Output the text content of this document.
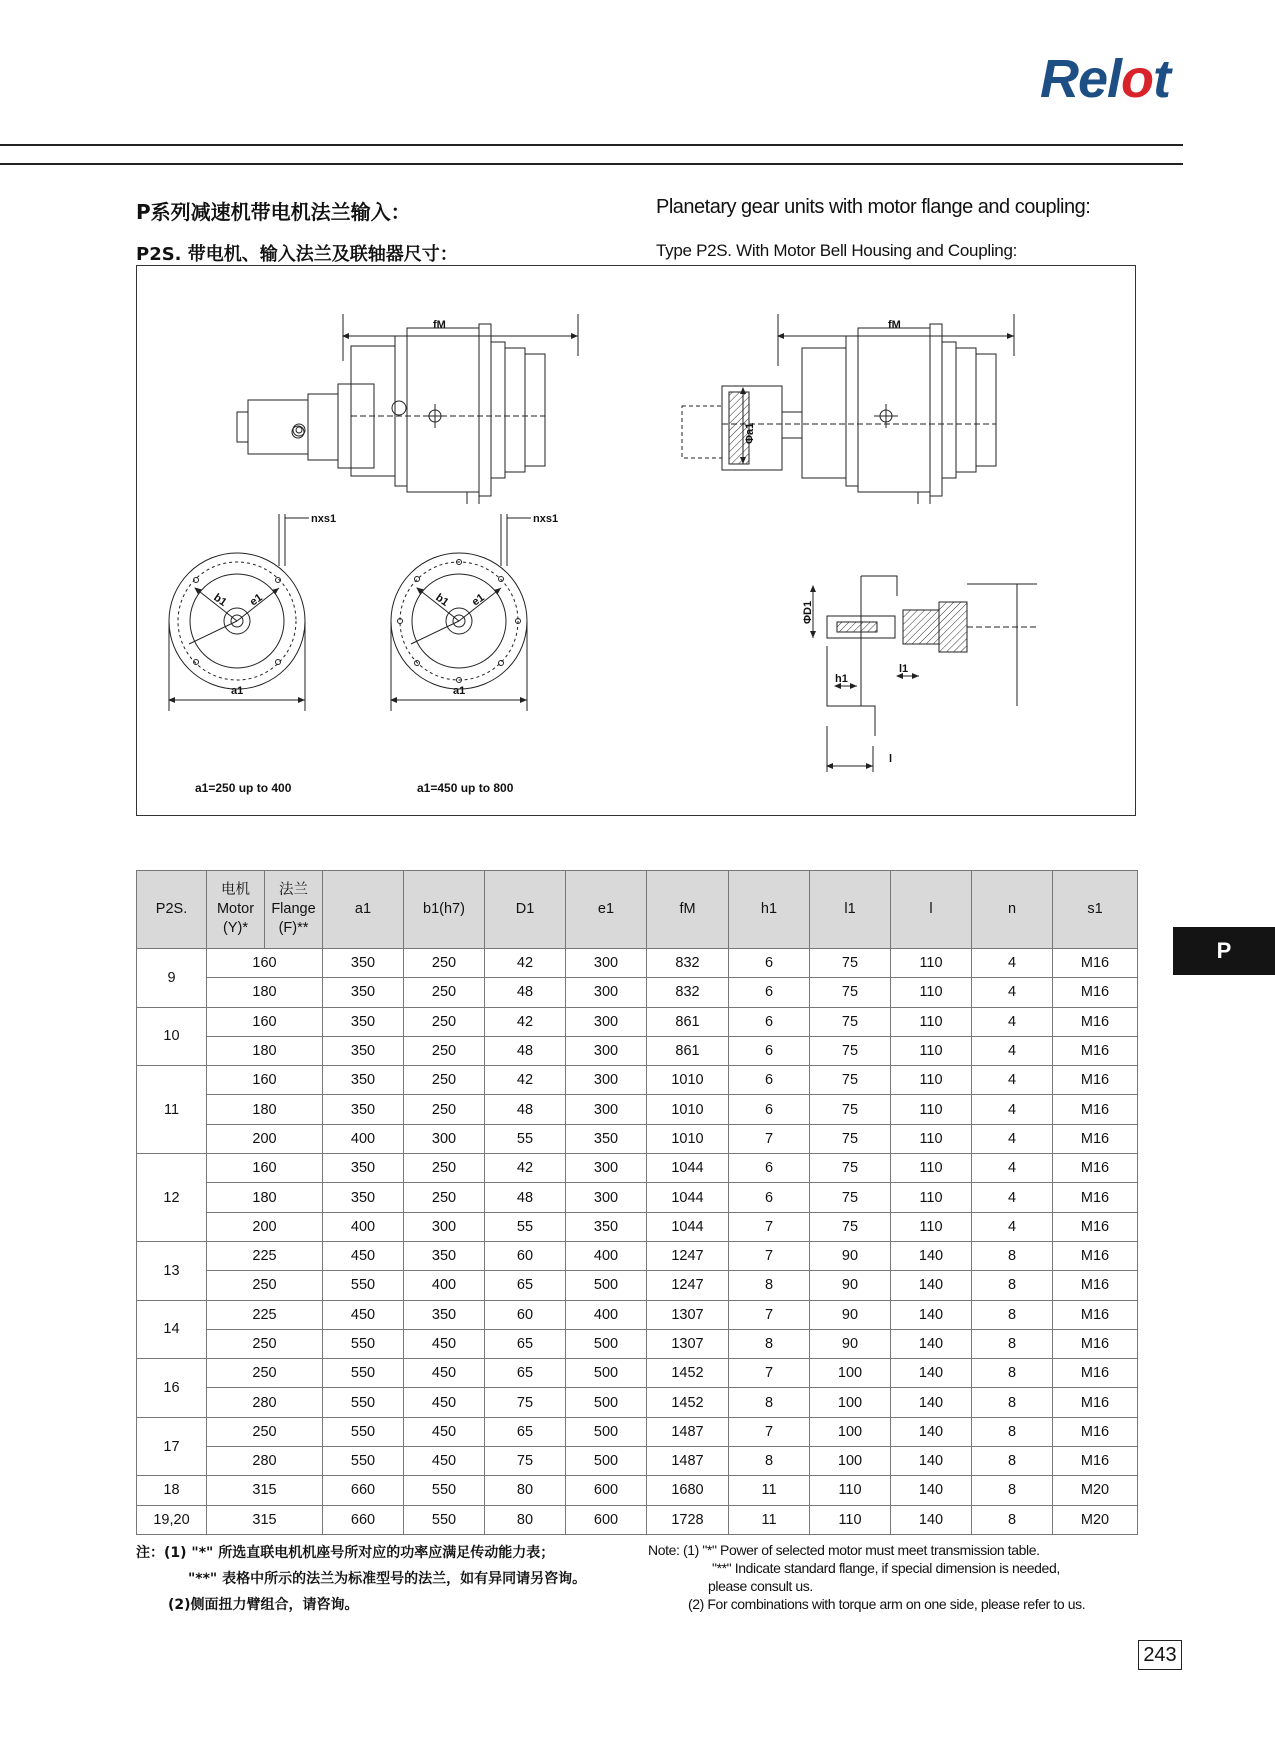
Relot
P系列减速机带电机法兰输入：	Planetary gear units with motor flange and coupling:
P2S. 带电机、输入法兰及联轴器尺寸：	Type P2S. With Motor Bell Housing and Coupling:
fM	fM
nxs1	nxs1
b1 e1	b1 e1
a1	a1
a1=250 up to 400	a1=450 up to 800
Φa1
ΦD1
h1
l1
l
P
P2S.	电机
Motor
(Y)*	法兰
Flange
(F)**	a1	b1(h7)	D1	e1	fM	h1	l1	l	n	s1
9	160		350	250	42	300	832	6	75	110	4	M16
	180		350	250	48	300	832	6	75	110	4	M16
10	160		350	250	42	300	861	6	75	110	4	M16
	180		350	250	48	300	861	6	75	110	4	M16
11	160		350	250	42	300	1010	6	75	110	4	M16
	180		350	250	48	300	1010	6	75	110	4	M16
	200		400	300	55	350	1010	7	75	110	4	M16
12	160		350	250	42	300	1044	6	75	110	4	M16
	180		350	250	48	300	1044	6	75	110	4	M16
	200		400	300	55	350	1044	7	75	110	4	M16
13	225		450	350	60	400	1247	7	90	140	8	M16
	250		550	400	65	500	1247	8	90	140	8	M16
14	225		450	350	60	400	1307	7	90	140	8	M16
	250		550	450	65	500	1307	8	90	140	8	M16
16	250		550	450	65	500	1452	7	100	140	8	M16
	280		550	450	75	500	1452	8	100	140	8	M16
17	250		550	450	65	500	1487	7	100	140	8	M16
	280		550	450	75	500	1487	8	100	140	8	M16
18	315		660	550	80	600	1680	11	110	140	8	M20
19,20	315		660	550	80	600	1728	11	110	140	8	M20
注：(1) "*" 所选直联电机机座号所对应的功率应满足传动能力表；
"**" 表格中所示的法兰为标准型号的法兰，如有异同请另咨询。
(2)侧面扭力臂组合，请咨询。
Note: (1) "*" Power of selected motor must meet transmission table.
"**" Indicate standard flange, if special dimension is needed,
please consult us.
(2) For combinations with torque arm on one side, please refer to us.
243
